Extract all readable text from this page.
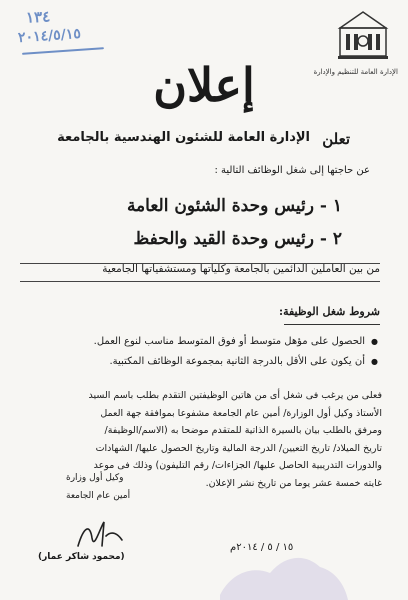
١٣٤
٢٠١٤/٥/١٥
الإدارة العامة للتنظيم والإدارة
إعلان
تعلن
الإدارة العامة للشئون الهندسية بالجامعة
عن حاجتها إلى شغل الوظائف التالية :
١ - رئيس وحدة الشئون العامة
٢ - رئيس وحدة القيد والحفظ
من بين العاملين الدائمين بالجامعة وكلياتها ومستشفياتها الجامعية
شروط شغل الوظيفة:
●
الحصول على مؤهل متوسط أو فوق المتوسط مناسب لنوع العمل.
●
أن يكون على الأقل بالدرجة الثانية بمجموعة الوظائف المكتبية.
فعلى من يرغب فى شغل أى من هاتين الوظيفتين التقدم بطلب باسم السيد
الأستاذ وكيل أول الوزارة/ أمين عام الجامعة مشفوعا بموافقة جهة العمل
ومرفق بالطلب بيان بالسيرة الذاتية للمتقدم موضحا به (الاسم/الوظيفة/
تاريخ الميلاد/ تاريخ التعيين/ الدرجة المالية وتاريخ الحصول عليها/ الشهادات
والدورات التدريبية الحاصل عليها/ الجزاءات/ رقم التليفون) وذلك فى موعد
غايته خمسة عشر يوما من تاريخ نشر الإعلان.
وكيل أول وزارة
أمين عام الجامعة
(محمود شاكر عمار)
١٥ / ٥ / ٢٠١٤م
